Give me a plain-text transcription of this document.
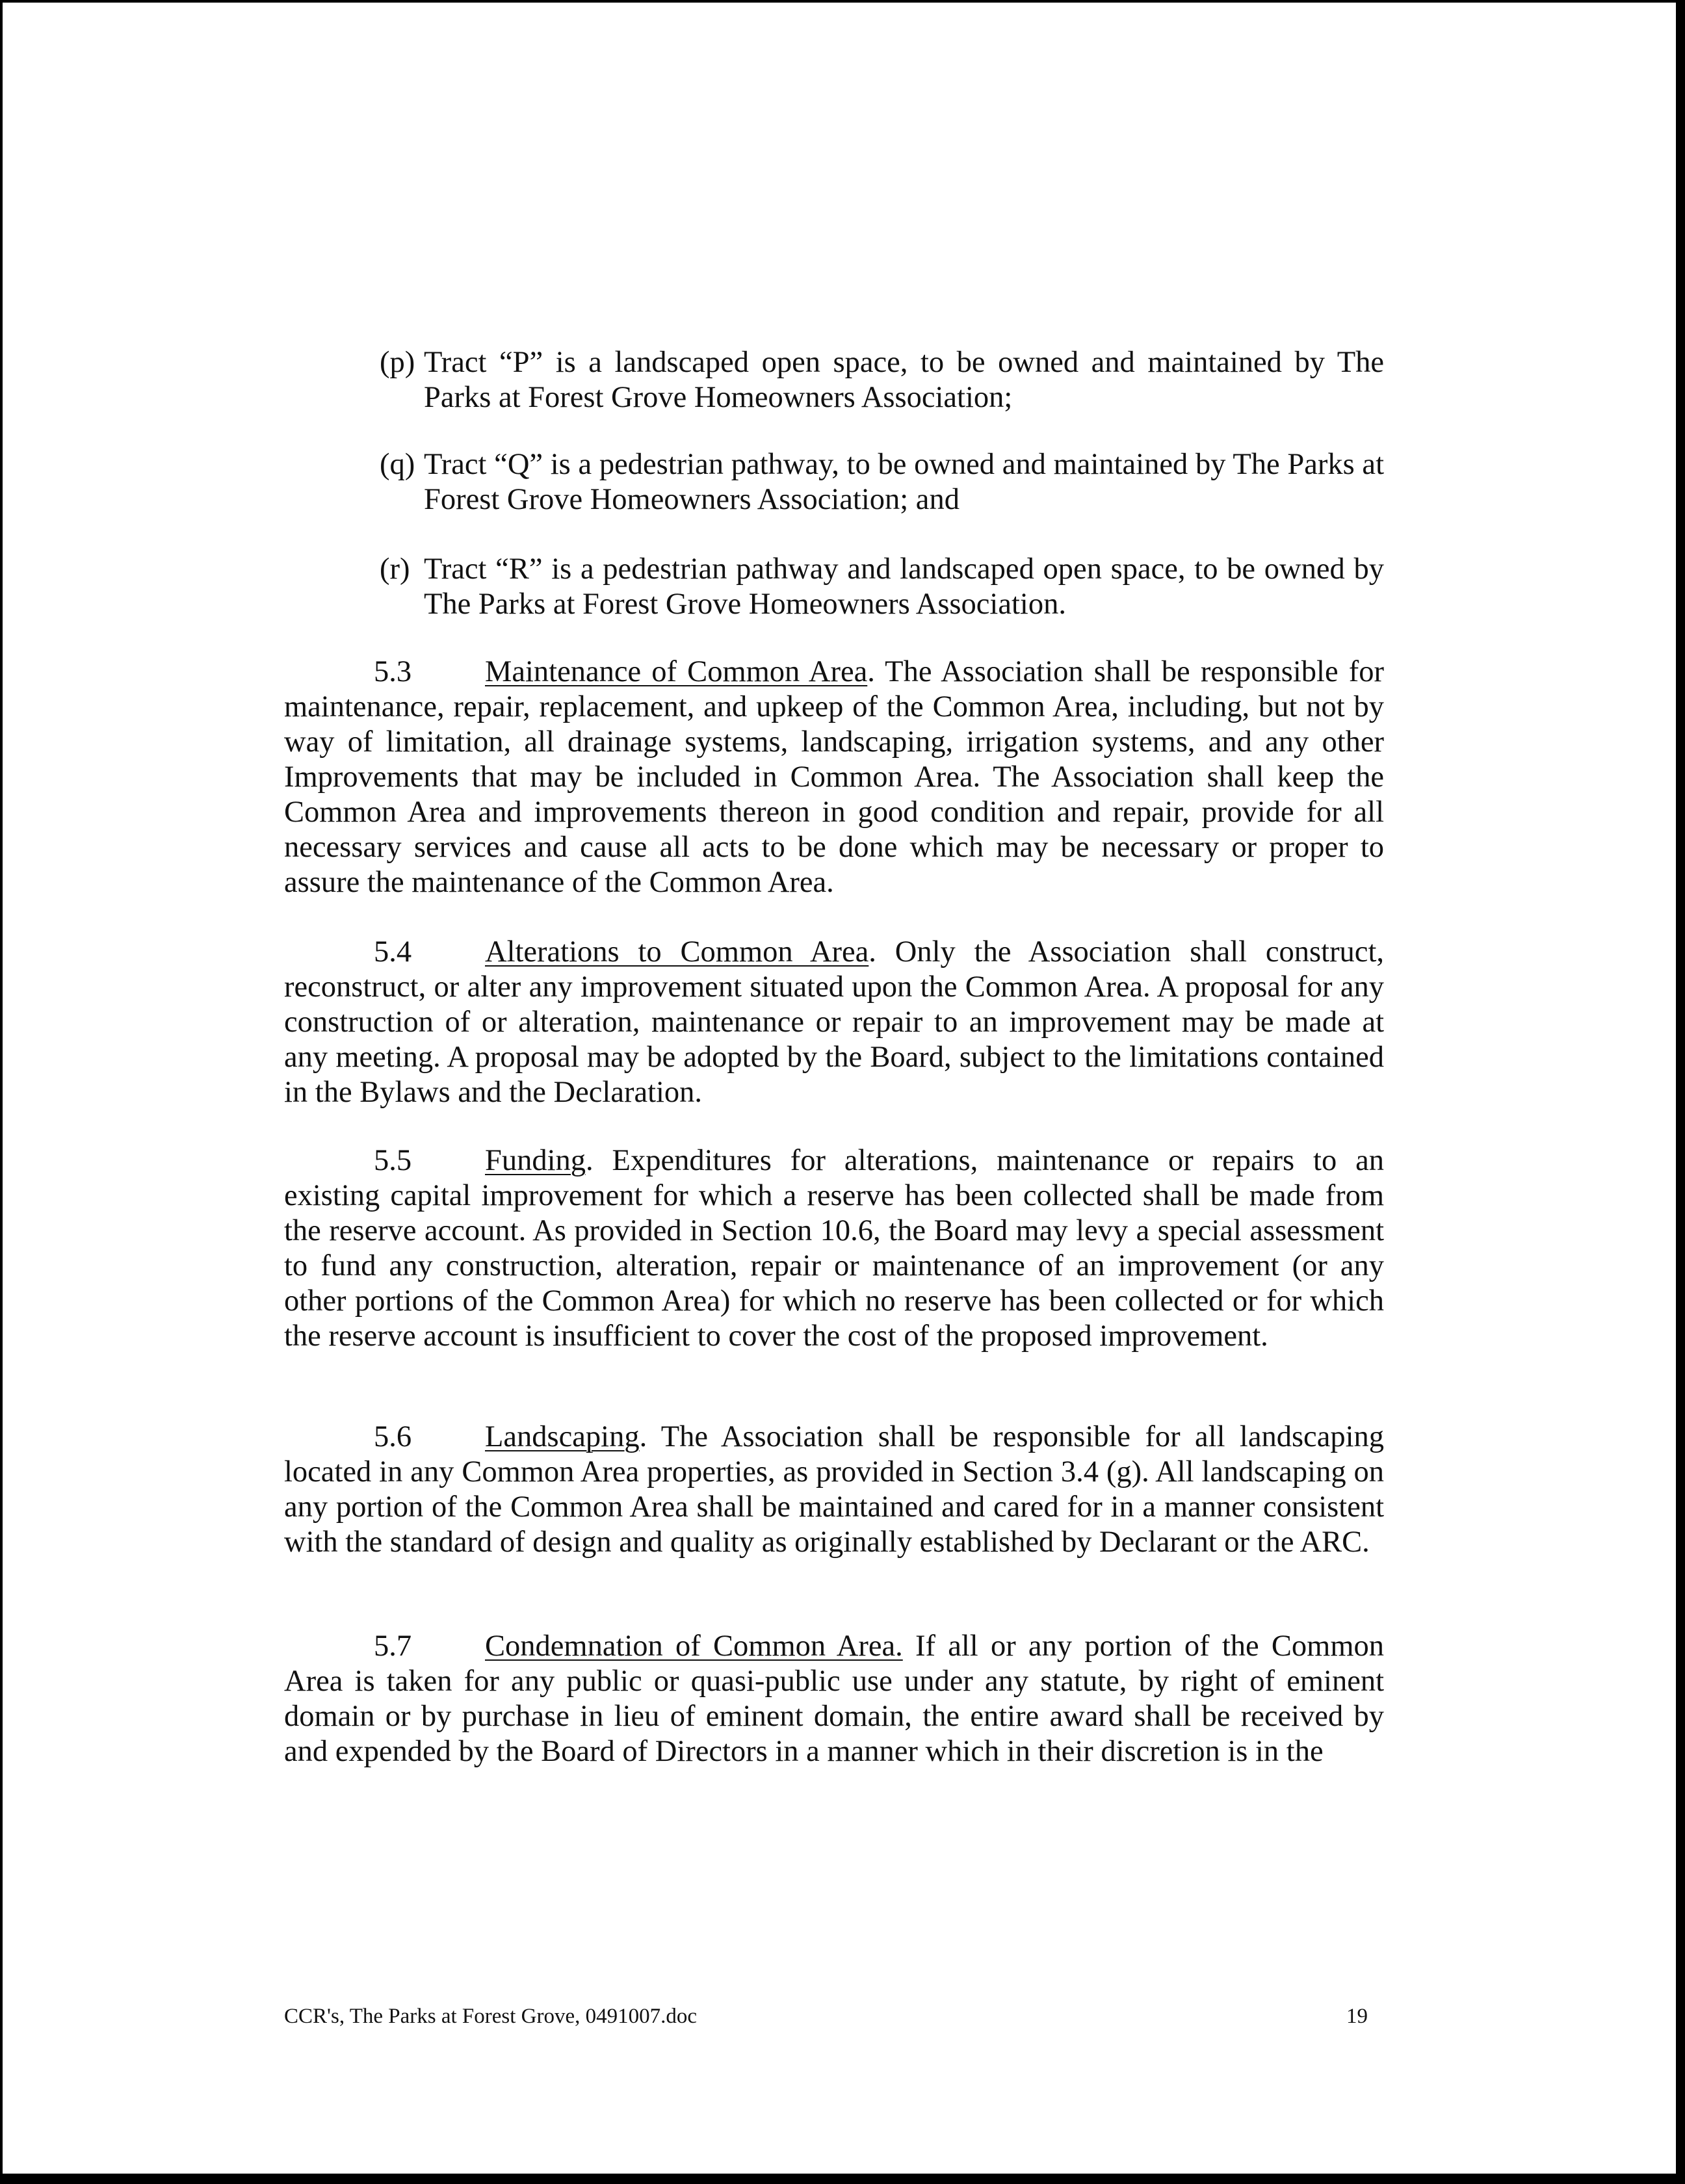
(p) Tract “P” is a landscaped open space, to be owned and maintained by The Parks at Forest Grove Homeowners Association;
(q) Tract “Q” is a pedestrian pathway, to be owned and maintained by The Parks at Forest Grove Homeowners Association; and
(r) Tract “R” is a pedestrian pathway and landscaped open space, to be owned by The Parks at Forest Grove Homeowners Association.
5.3 Maintenance of Common Area. The Association shall be responsible for maintenance, repair, replacement, and upkeep of the Common Area, including, but not by way of limitation, all drainage systems, landscaping, irrigation systems, and any other Improvements that may be included in Common Area. The Association shall keep the Common Area and improvements thereon in good condition and repair, provide for all necessary services and cause all acts to be done which may be necessary or proper to assure the maintenance of the Common Area.
5.4 Alterations to Common Area. Only the Association shall construct, reconstruct, or alter any improvement situated upon the Common Area. A proposal for any construction of or alteration, maintenance or repair to an improvement may be made at any meeting. A proposal may be adopted by the Board, subject to the limitations contained in the Bylaws and the Declaration.
5.5 Funding. Expenditures for alterations, maintenance or repairs to an existing capital improvement for which a reserve has been collected shall be made from the reserve account. As provided in Section 10.6, the Board may levy a special assessment to fund any construction, alteration, repair or maintenance of an improvement (or any other portions of the Common Area) for which no reserve has been collected or for which the reserve account is insufficient to cover the cost of the proposed improvement.
5.6 Landscaping. The Association shall be responsible for all landscaping located in any Common Area properties, as provided in Section 3.4 (g). All landscaping on any portion of the Common Area shall be maintained and cared for in a manner consistent with the standard of design and quality as originally established by Declarant or the ARC.
5.7 Condemnation of Common Area. If all or any portion of the Common Area is taken for any public or quasi-public use under any statute, by right of eminent domain or by purchase in lieu of eminent domain, the entire award shall be received by and expended by the Board of Directors in a manner which in their discretion is in the
CCR's, The Parks at Forest Grove, 0491007.doc	19
